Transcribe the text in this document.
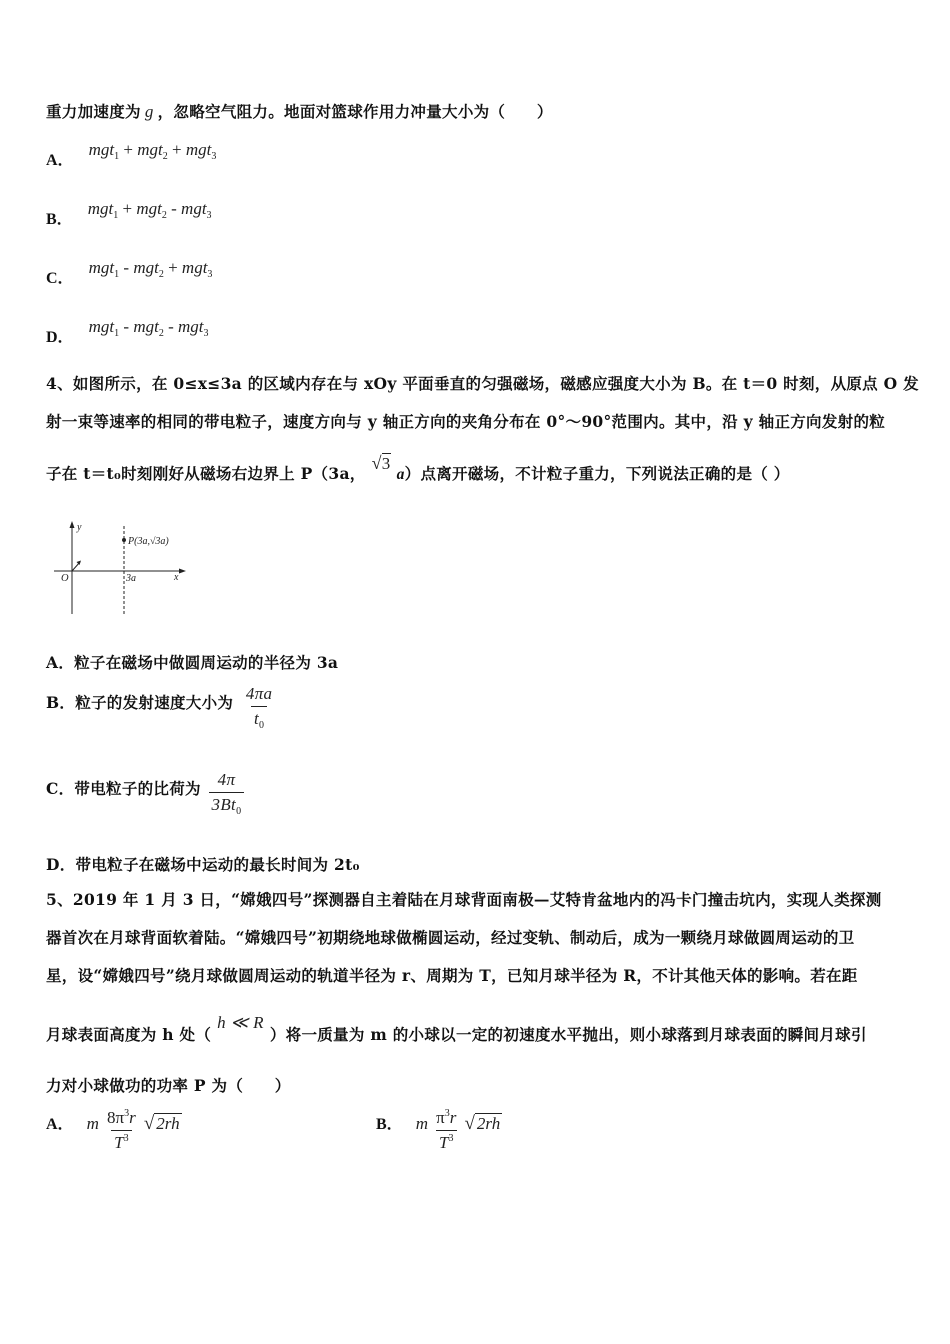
重力加速度为 g ，忽略空气阻力。地面对篮球作用力冲量大小为（　　）
A． mgt$_1$ + mgt$_2$ + mgt$_3$
B． mgt$_1$ + mgt$_2$ - mgt$_3$
C． mgt$_1$ - mgt$_2$ + mgt$_3$
D． mgt$_1$ - mgt$_2$ - mgt$_3$
4、如图所示，在 0≤x≤3a 的区域内存在与 xOy 平面垂直的匀强磁场，磁感应强度大小为 B。在 t＝0 时刻，从原点 O 发
射一束等速率的相同的带电粒子，速度方向与 y 轴正方向的夹角分布在 0°～90°范围内。其中，沿 y 轴正方向发射的粒
子在 t＝t₀时刻刚好从磁场右边界上 P（3a，√3a）点离开磁场，不计粒子重力，下列说法正确的是（ ）
y
x
O	3a
P(3a,√3a)
A．粒子在磁场中做圆周运动的半径为 3a
B．粒子的发射速度大小为 $\frac{4\pi a}{t_0}$
C．带电粒子的比荷为 $\frac{4\pi}{3Bt_0}$
D．带电粒子在磁场中运动的最长时间为 2t₀
5、2019 年 1 月 3 日，“嫦娥四号”探测器自主着陆在月球背面南极—艾特肯盆地内的冯卡门撞击坑内，实现人类探测
器首次在月球背面软着陆。“嫦娥四号”初期绕地球做椭圆运动，经过变轨、制动后，成为一颗绕月球做圆周运动的卫
星，设“嫦娥四号”绕月球做圆周运动的轨道半径为 r、周期为 T，已知月球半径为 R，不计其他天体的影响。若在距
月球表面高度为 h 处（h ≪ R）将一质量为 m 的小球以一定的初速度水平抛出，则小球落到月球表面的瞬间月球引
力对小球做功的功率 P 为（　　）
A． m $\frac{8\pi^3r}{T^3}$ √ 2rh	B． m $\frac{\pi^3r}{T^3}$ √ 2rh
